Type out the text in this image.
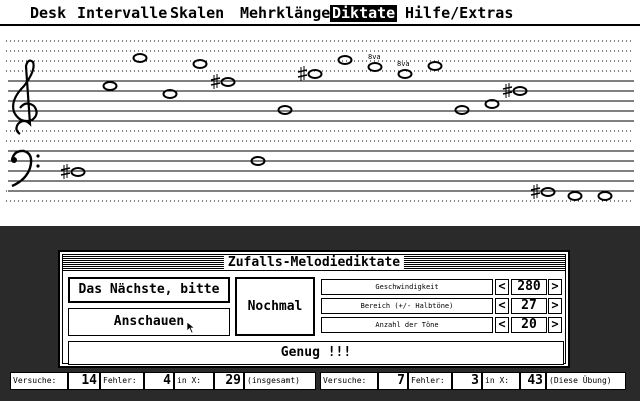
Desk Intervalle Skalen Mehrklänge Diktate Hilfe/Extras
8va
8va
Zufalls-Melodiediktate
Das Nächste, bitte
Anschauen
Nochmal
Geschwindigkeit	< 280 >
Bereich (+/- Halbtöne)	<	27	>
Anzahl der Töne	<	20	>
Genug !!!
Versuche:	14 Fehler:	4 in X:	29 (insgesamt)	Versuche:	7 Fehler:	3 in X:	43 (Diese Übung)
